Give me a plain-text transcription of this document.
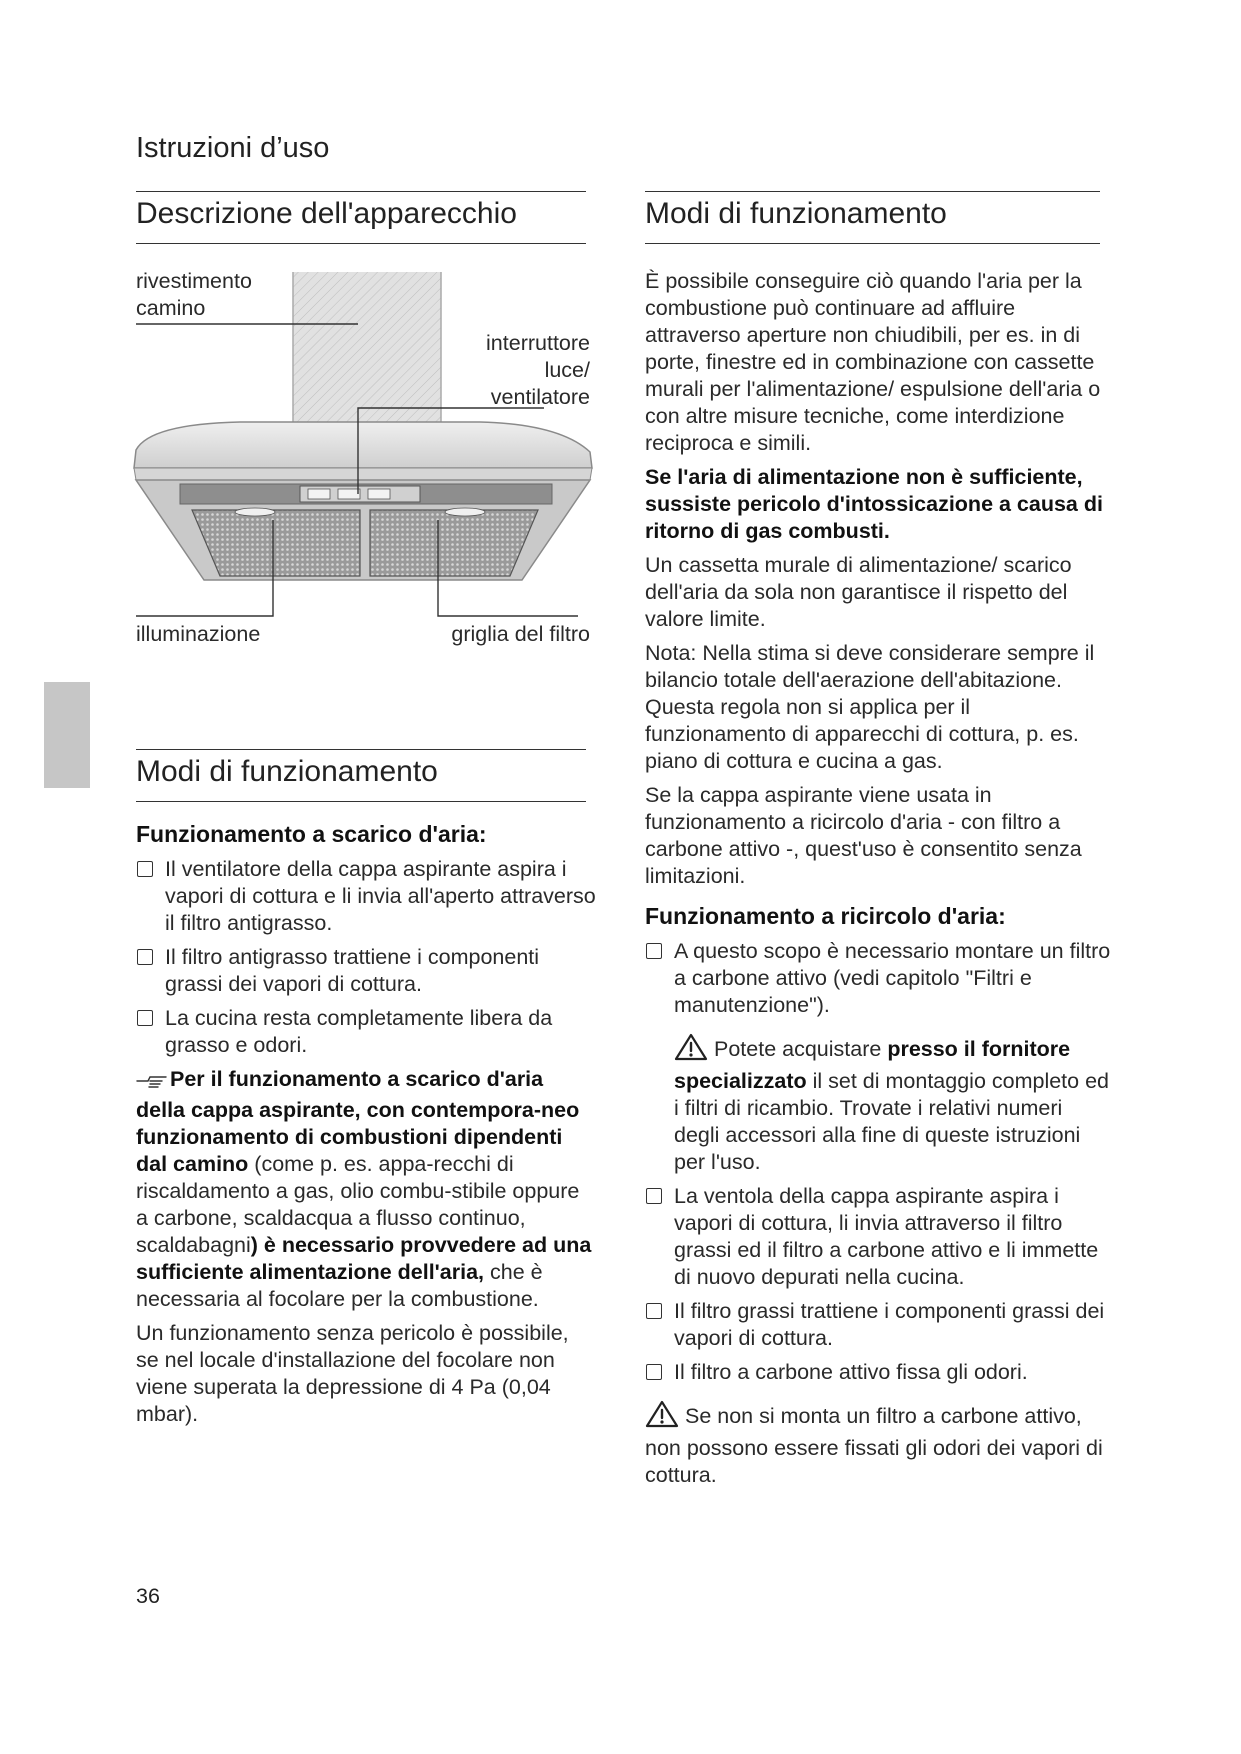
Istruzioni d’uso
Descrizione dell'apparecchio
rivestimento camino
interruttore
luce/
ventilatore
illuminazione	griglia del filtro
Modi di funzionamento
Funzionamento a scarico d'aria:
Il ventilatore della cappa aspirante aspira i vapori di cottura e li invia all'aperto attraverso il filtro antigrasso.
Il filtro antigrasso trattiene i componenti grassi dei vapori di cottura.
La cucina resta completamente libera da grasso e odori.

Per il funzionamento a scarico d'aria della cappa aspirante, con contempora-neo funzionamento di combustioni dipendenti dal camino (come p. es. appa-recchi di riscaldamento a gas, olio combu-stibile oppure a carbone, scaldacqua a flusso continuo, scaldabagni) è necessario provvedere ad una sufficiente alimentazione dell'aria, che è necessaria al focolare per la combustione.

Un funzionamento senza pericolo è possibile, se nel locale d'installazione del focolare non viene superata la depressione di 4 Pa (0,04 mbar).

Modi di funzionamento

È possibile conseguire ciò quando l'aria per la combustione può continuare ad affluire attraverso aperture non chiudibili, per es. in di porte, finestre ed in combinazione con cassette murali per l'alimentazione/ espulsione dell'aria o con altre misure tecniche, come interdizione reciproca e simili.

Se l'aria di alimentazione non è sufficiente, sussiste pericolo d'intossicazione a causa di ritorno di gas combusti.

Un cassetta murale di alimentazione/ scarico dell'aria da sola non garantisce il rispetto del valore limite.

Nota: Nella stima si deve considerare sempre il bilancio totale dell'aerazione dell'abitazione. Questa regola non si applica per il funzionamento di apparecchi di cottura, p. es. piano di cottura e cucina a gas.

Se la cappa aspirante viene usata in funzionamento a ricircolo d'aria - con filtro a carbone attivo -, quest'uso è consentito senza limitazioni.

Funzionamento a ricircolo d'aria:
A questo scopo è necessario montare un filtro a carbone attivo (vedi capitolo "Filtri e manutenzione").
Potete acquistare presso il fornitore specializzato il set di montaggio completo ed i filtri di ricambio. Trovate i relativi numeri degli accessori alla fine di queste istruzioni per l'uso.
La ventola della cappa aspirante aspira i vapori di cottura, li invia attraverso il filtro grassi ed il filtro a carbone attivo e li immette di nuovo depurati nella cucina.
Il filtro grassi trattiene i componenti grassi dei vapori di cottura.
Il filtro a carbone attivo fissa gli odori.
Se non si monta un filtro a carbone attivo, non possono essere fissati gli odori dei vapori di cottura.
36
